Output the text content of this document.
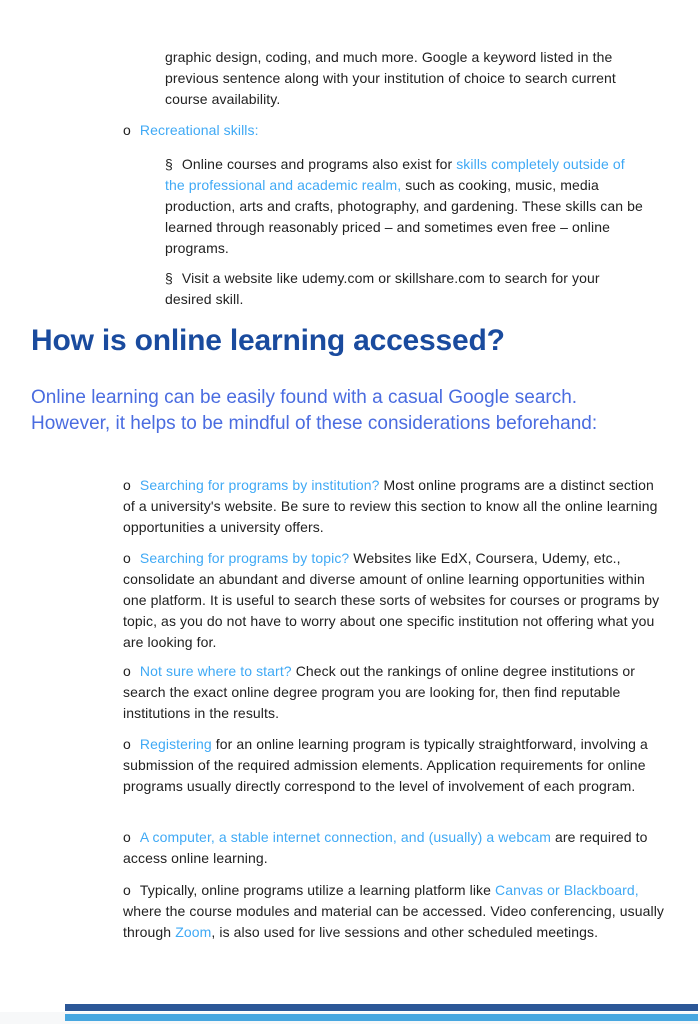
graphic design, coding, and much more. Google a keyword listed in the previous sentence along with your institution of choice to search current course availability.

o Recreational skills:

§ Online courses and programs also exist for skills completely outside of the professional and academic realm, such as cooking, music, media production, arts and crafts, photography, and gardening. These skills can be learned through reasonably priced – and sometimes even free – online programs.

§ Visit a website like udemy.com or skillshare.com to search for your desired skill.

How is online learning accessed?

Online learning can be easily found with a casual Google search. However, it helps to be mindful of these considerations beforehand:

o Searching for programs by institution? Most online programs are a distinct section of a university's website. Be sure to review this section to know all the online learning opportunities a university offers.

o Searching for programs by topic? Websites like EdX, Coursera, Udemy, etc., consolidate an abundant and diverse amount of online learning opportunities within one platform. It is useful to search these sorts of websites for courses or programs by topic, as you do not have to worry about one specific institution not offering what you are looking for.

o Not sure where to start? Check out the rankings of online degree institutions or search the exact online degree program you are looking for, then find reputable institutions in the results.

o Registering for an online learning program is typically straightforward, involving a submission of the required admission elements. Application requirements for online programs usually directly correspond to the level of involvement of each program.

o A computer, a stable internet connection, and (usually) a webcam are required to access online learning.

o Typically, online programs utilize a learning platform like Canvas or Blackboard, where the course modules and material can be accessed. Video conferencing, usually through Zoom, is also used for live sessions and other scheduled meetings.
